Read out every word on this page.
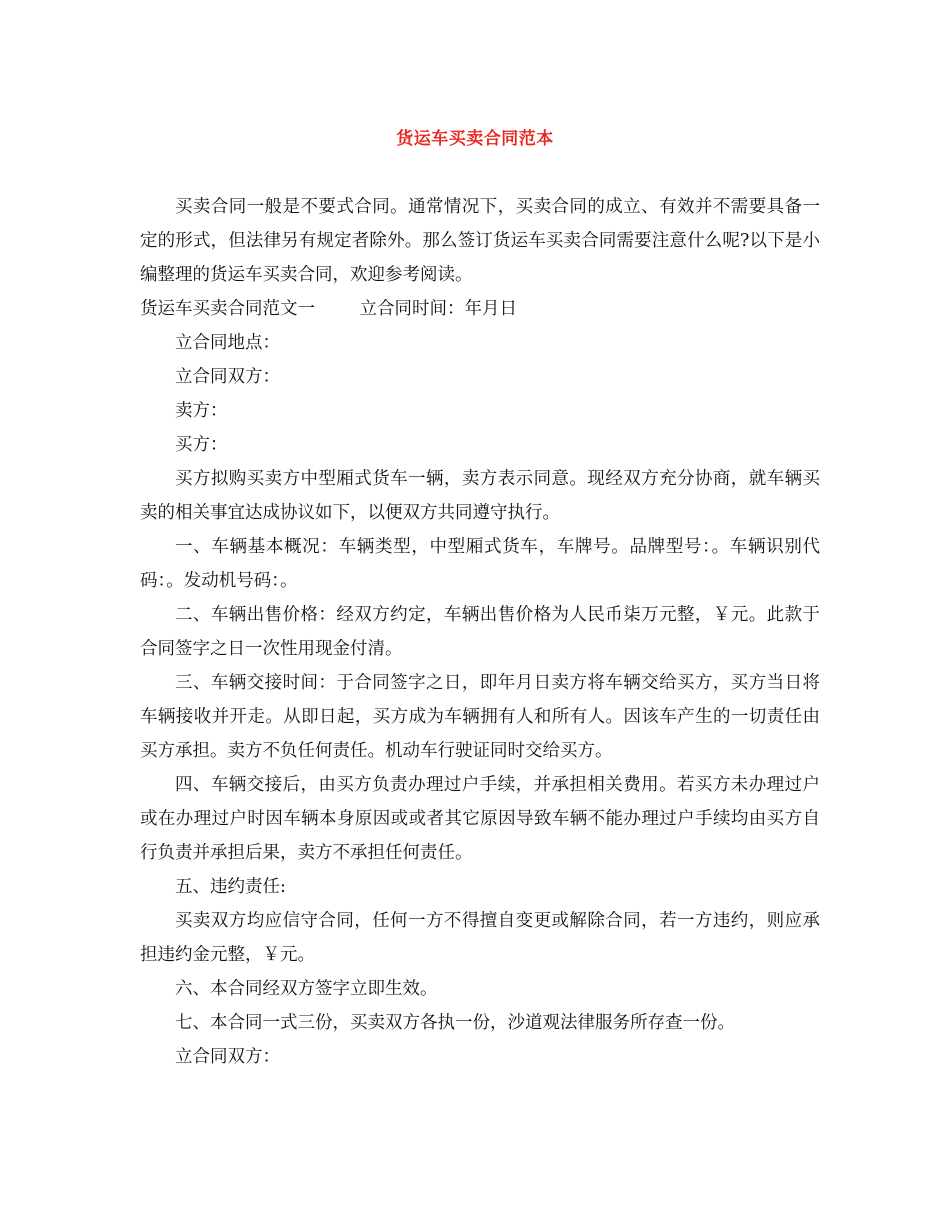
货运车买卖合同范本

买卖合同一般是不要式合同。通常情况下，买卖合同的成立、有效并不需要具备一定的形式，但法律另有规定者除外。那么签订货运车买卖合同需要注意什么呢?以下是小编整理的货运车买卖合同，欢迎参考阅读。

货运车买卖合同范文一	立合同时间：年月日

立合同地点：

立合同双方：

卖方：

买方：

买方拟购买卖方中型厢式货车一辆，卖方表示同意。现经双方充分协商，就车辆买卖的相关事宜达成协议如下，以便双方共同遵守执行。

一、车辆基本概况：车辆类型，中型厢式货车，车牌号。品牌型号：。车辆识别代码：。发动机号码：。

二、车辆出售价格：经双方约定，车辆出售价格为人民币柒万元整，￥元。此款于合同签字之日一次性用现金付清。

三、车辆交接时间：于合同签字之日，即年月日卖方将车辆交给买方，买方当日将车辆接收并开走。从即日起，买方成为车辆拥有人和所有人。因该车产生的一切责任由买方承担。卖方不负任何责任。机动车行驶证同时交给买方。

四、车辆交接后，由买方负责办理过户手续，并承担相关费用。若买方未办理过户或在办理过户时因车辆本身原因或或者其它原因导致车辆不能办理过户手续均由买方自行负责并承担后果，卖方不承担任何责任。

五、违约责任:

买卖双方均应信守合同，任何一方不得擅自变更或解除合同，若一方违约，则应承担违约金元整，￥元。

六、本合同经双方签字立即生效。

七、本合同一式三份，买卖双方各执一份，沙道观法律服务所存查一份。

立合同双方：
